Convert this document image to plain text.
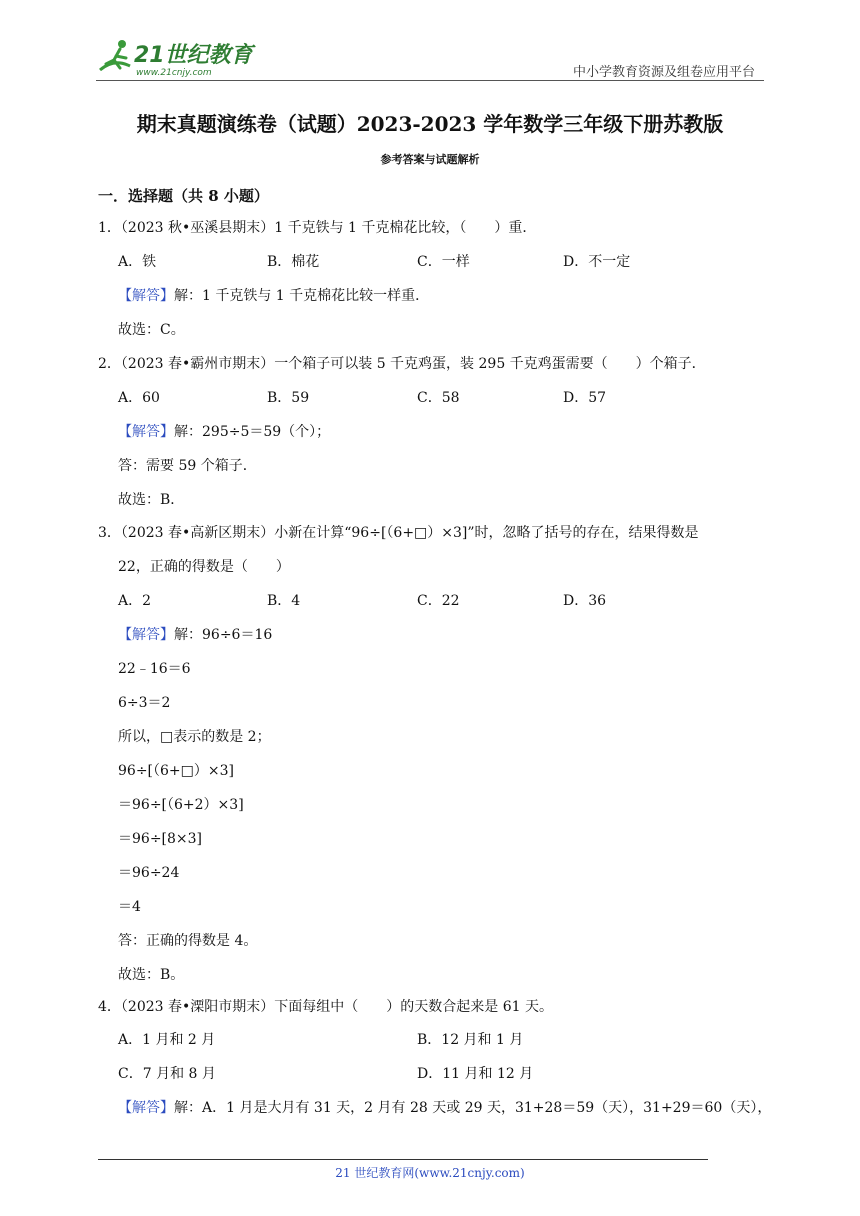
21世纪教育
www.21cnjy.com	中小学教育资源及组卷应用平台
期末真题演练卷（试题）2023-2023 学年数学三年级下册苏教版
参考答案与试题解析
一．选择题（共 8 小题）
1．（2023 秋•巫溪县期末）1 千克铁与 1 千克棉花比较，（　　）重．
A．铁	B．棉花	C．一样	D．不一定
【解答】解：1 千克铁与 1 千克棉花比较一样重．
故选：C。
2．（2023 春•霸州市期末）一个箱子可以装 5 千克鸡蛋，装 295 千克鸡蛋需要（　　）个箱子．
A．60	B．59	C．58	D．57
【解答】解：295÷5＝59（个）；
答：需要 59 个箱子．
故选：B．
3．（2023 春•高新区期末）小新在计算“96÷[（6+□）×3]”时，忽略了括号的存在，结果得数是
22，正确的得数是（　　）
A．2	B．4	C．22	D．36
【解答】解：96÷6＝16
22﹣16＝6
6÷3＝2
所以，□表示的数是 2；
96÷[（6+□）×3]
＝96÷[（6+2）×3]
＝96÷[8×3]
＝96÷24
＝4
答：正确的得数是 4。
故选：B。
4．（2023 春•溧阳市期末）下面每组中（　　）的天数合起来是 61 天。
A．1 月和 2 月	B．12 月和 1 月
C．7 月和 8 月	D．11 月和 12 月
【解答】解：A．1 月是大月有 31 天，2 月有 28 天或 29 天，31+28＝59（天），31+29＝60（天），
21 世纪教育网(www.21cnjy.com)
